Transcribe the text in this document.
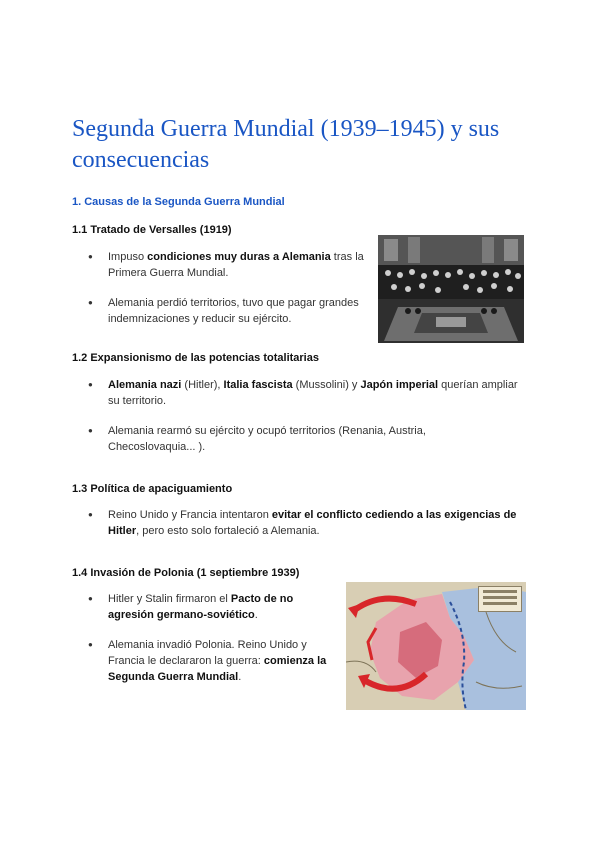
Segunda Guerra Mundial (1939–1945) y sus consecuencias
1. Causas de la Segunda Guerra Mundial
1.1 Tratado de Versalles (1919)
● Impuso condiciones muy duras a Alemania tras la Primera Guerra Mundial.
● Alemania perdió territorios, tuvo que pagar grandes indemnizaciones y reducir su ejército.
1.2 Expansionismo de las potencias totalitarias
● Alemania nazi (Hitler), Italia fascista (Mussolini) y Japón imperial querían ampliar su territorio.
● Alemania rearmó su ejército y ocupó territorios (Renania, Austria, Checoslovaquia... ).
1.3 Política de apaciguamiento
● Reino Unido y Francia intentaron evitar el conflicto cediendo a las exigencias de Hitler, pero esto solo fortaleció a Alemania.
1.4 Invasión de Polonia (1 septiembre 1939)
● Hitler y Stalin firmaron el Pacto de no agresión germano-soviético.
● Alemania invadió Polonia. Reino Unido y Francia le declararon la guerra: comienza la Segunda Guerra Mundial.
